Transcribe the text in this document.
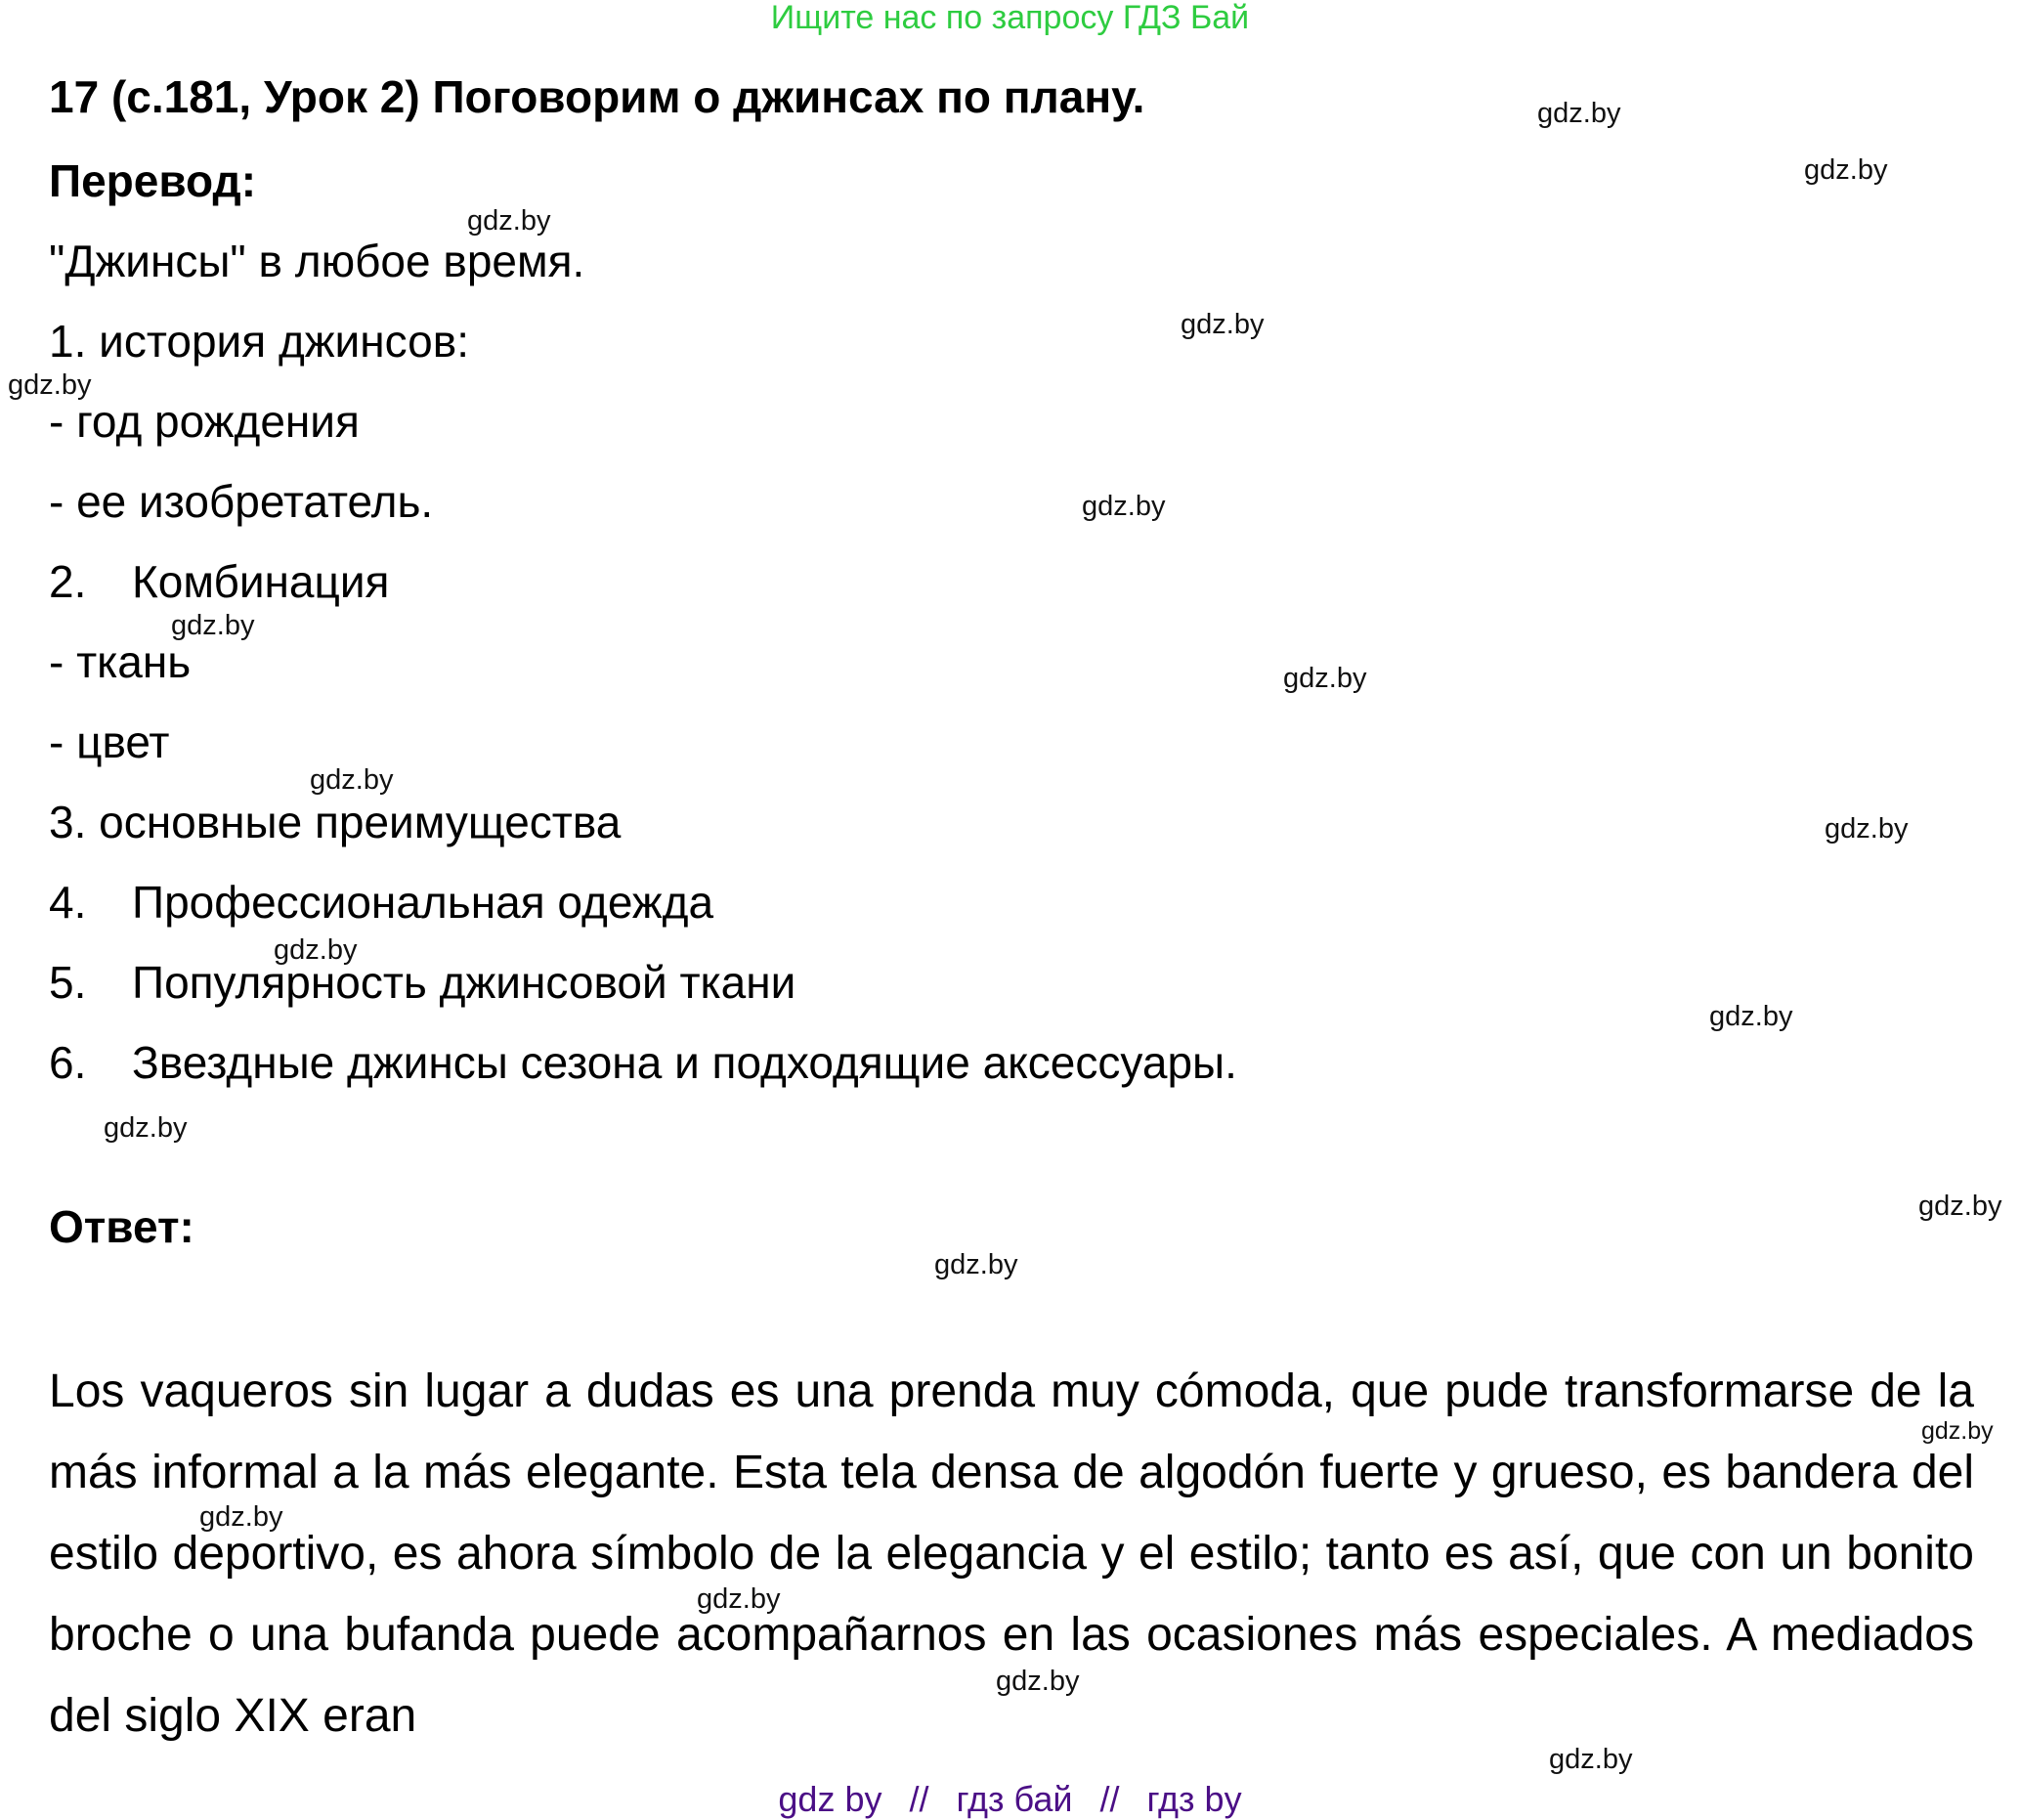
Ищите нас по запросу ГДЗ Бай
17 (с.181, Урок 2) Поговорим о джинсах по плану.
Перевод:
"Джинсы" в любое время.
1. история джинсов:
- год рождения
- ее изобретатель.
2. Комбинация
- ткань
- цвет
3. основные преимущества
4. Профессиональная одежда
5. Популярность джинсовой ткани
6. Звездные джинсы сезона и подходящие аксессуары.
Ответ:
Los vaqueros sin lugar a dudas es una prenda muy cómoda, que pude transformarse de la más informal a la más elegante. Esta tela densa de algodón fuerte y grueso, es bandera del estilo deportivo, es ahora símbolo de la elegancia y el estilo; tanto es así, que con un bonito broche o una bufanda puede acompañarnos en las ocasiones más especiales. A mediados del siglo XIX eran
gdz.by
gdz.by
gdz.by
gdz.by
gdz.by
gdz.by
gdz.by
gdz.by
gdz.by
gdz.by
gdz.by
gdz.by
gdz.by
gdz.by
gdz.by
gdz.by
gdz.by
gdz.by
gdz.by
gdz.by
gdz by // гдз бай // гдз by
